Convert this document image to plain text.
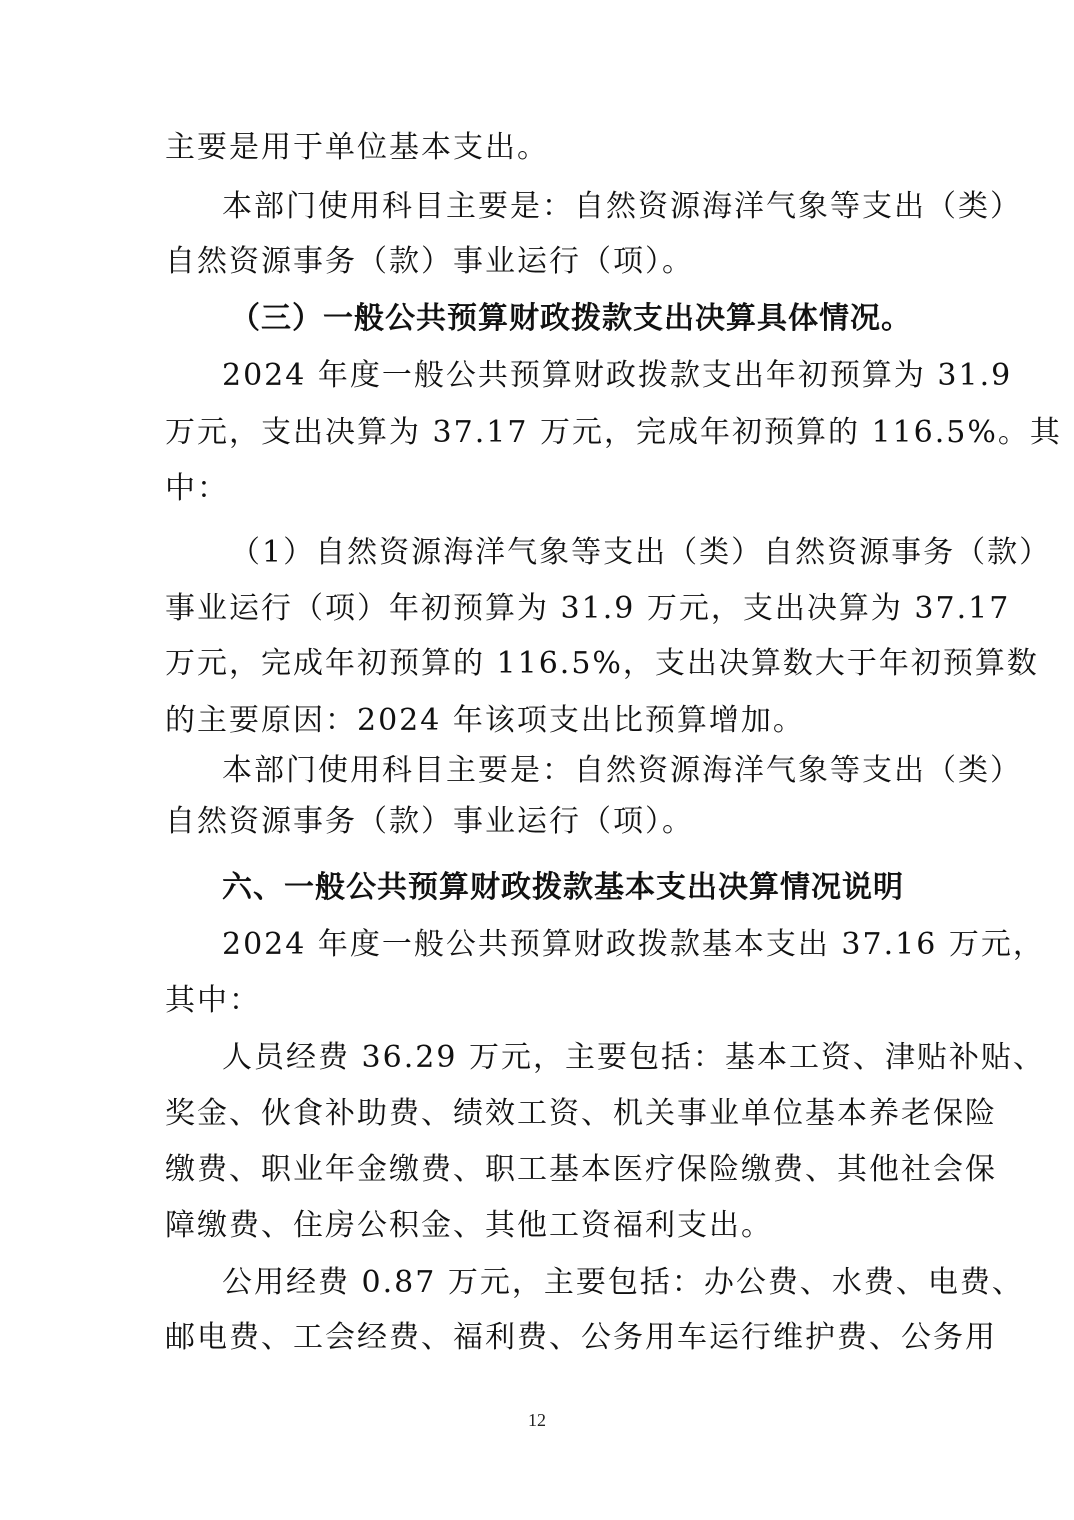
主要是用于单位基本支出。
本部门使用科目主要是：自然资源海洋气象等支出（类）
自然资源事务（款）事业运行（项）。
（三）一般公共预算财政拨款支出决算具体情况。
2024 年度一般公共预算财政拨款支出年初预算为 31.9
万元，支出决算为 37.17 万元，完成年初预算的 116.5%。其
中：
（1）自然资源海洋气象等支出（类）自然资源事务（款）
事业运行（项）年初预算为 31.9 万元，支出决算为 37.17
万元，完成年初预算的 116.5%，支出决算数大于年初预算数
的主要原因：2024 年该项支出比预算增加。
本部门使用科目主要是：自然资源海洋气象等支出（类）
自然资源事务（款）事业运行（项）。
六、一般公共预算财政拨款基本支出决算情况说明
2024 年度一般公共预算财政拨款基本支出 37.16 万元，
其中：
人员经费 36.29 万元，主要包括：基本工资、津贴补贴、
奖金、伙食补助费、绩效工资、机关事业单位基本养老保险
缴费、职业年金缴费、职工基本医疗保险缴费、其他社会保
障缴费、住房公积金、其他工资福利支出。
公用经费 0.87 万元，主要包括：办公费、水费、电费、
邮电费、工会经费、福利费、公务用车运行维护费、公务用
12
